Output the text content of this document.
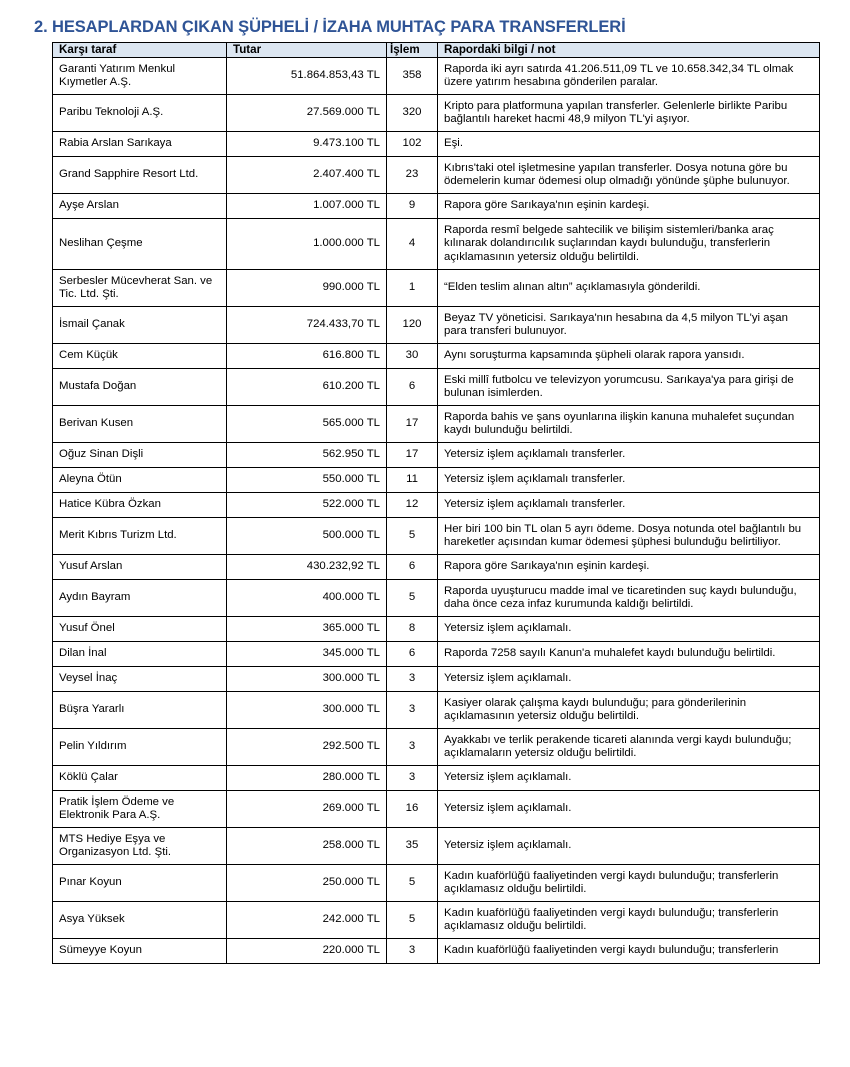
2. HESAPLARDAN ÇIKAN ŞÜPHELİ / İZAHA MUHTAÇ PARA TRANSFERLERİ
Karşı taraf	Tutar	İşlem	Rapordaki bilgi / not
Garanti Yatırım Menkul Kıymetler A.Ş.	51.864.853,43 TL	358	Raporda iki ayrı satırda 41.206.511,09 TL ve 10.658.342,34 TL olmak üzere yatırım hesabına gönderilen paralar.
Paribu Teknoloji A.Ş.	27.569.000 TL	320	Kripto para platformuna yapılan transferler. Gelenlerle birlikte Paribu bağlantılı hareket hacmi 48,9 milyon TL'yi aşıyor.
Rabia Arslan Sarıkaya	9.473.100 TL	102	Eşi.
Grand Sapphire Resort Ltd.	2.407.400 TL	23	Kıbrıs'taki otel işletmesine yapılan transferler. Dosya notuna göre bu ödemelerin kumar ödemesi olup olmadığı yönünde şüphe bulunuyor.
Ayşe Arslan	1.007.000 TL	9	Rapora göre Sarıkaya'nın eşinin kardeşi.
Neslihan Çeşme	1.000.000 TL	4	Raporda resmî belgede sahtecilik ve bilişim sistemleri/banka araç kılınarak dolandırıcılık suçlarından kaydı bulunduğu, transferlerin açıklamasının yetersiz olduğu belirtildi.
Serbesler Mücevherat San. ve Tic. Ltd. Şti.	990.000 TL	1	“Elden teslim alınan altın” açıklamasıyla gönderildi.
İsmail Çanak	724.433,70 TL	120	Beyaz TV yöneticisi. Sarıkaya'nın hesabına da 4,5 milyon TL'yi aşan para transferi bulunuyor.
Cem Küçük	616.800 TL	30	Aynı soruşturma kapsamında şüpheli olarak rapora yansıdı.
Mustafa Doğan	610.200 TL	6	Eski millî futbolcu ve televizyon yorumcusu. Sarıkaya'ya para girişi de bulunan isimlerden.
Berivan Kusen	565.000 TL	17	Raporda bahis ve şans oyunlarına ilişkin kanuna muhalefet suçundan kaydı bulunduğu belirtildi.
Oğuz Sinan Dişli	562.950 TL	17	Yetersiz işlem açıklamalı transferler.
Aleyna Ötün	550.000 TL	11	Yetersiz işlem açıklamalı transferler.
Hatice Kübra Özkan	522.000 TL	12	Yetersiz işlem açıklamalı transferler.
Merit Kıbrıs Turizm Ltd.	500.000 TL	5	Her biri 100 bin TL olan 5 ayrı ödeme. Dosya notunda otel bağlantılı bu hareketler açısından kumar ödemesi şüphesi bulunduğu belirtiliyor.
Yusuf Arslan	430.232,92 TL	6	Rapora göre Sarıkaya'nın eşinin kardeşi.
Aydın Bayram	400.000 TL	5	Raporda uyuşturucu madde imal ve ticaretinden suç kaydı bulunduğu, daha önce ceza infaz kurumunda kaldığı belirtildi.
Yusuf Önel	365.000 TL	8	Yetersiz işlem açıklamalı.
Dilan İnal	345.000 TL	6	Raporda 7258 sayılı Kanun'a muhalefet kaydı bulunduğu belirtildi.
Veysel İnaç	300.000 TL	3	Yetersiz işlem açıklamalı.
Büşra Yararlı	300.000 TL	3	Kasiyer olarak çalışma kaydı bulunduğu; para gönderilerinin açıklamasının yetersiz olduğu belirtildi.
Pelin Yıldırım	292.500 TL	3	Ayakkabı ve terlik perakende ticareti alanında vergi kaydı bulunduğu; açıklamaların yetersiz olduğu belirtildi.
Köklü Çalar	280.000 TL	3	Yetersiz işlem açıklamalı.
Pratik İşlem Ödeme ve Elektronik Para A.Ş.	269.000 TL	16	Yetersiz işlem açıklamalı.
MTS Hediye Eşya ve Organizasyon Ltd. Şti.	258.000 TL	35	Yetersiz işlem açıklamalı.
Pınar Koyun	250.000 TL	5	Kadın kuaförlüğü faaliyetinden vergi kaydı bulunduğu; transferlerin açıklamasız olduğu belirtildi.
Asya Yüksek	242.000 TL	5	Kadın kuaförlüğü faaliyetinden vergi kaydı bulunduğu; transferlerin açıklamasız olduğu belirtildi.
Sümeyye Koyun	220.000 TL	3	Kadın kuaförlüğü faaliyetinden vergi kaydı bulunduğu; transferlerin
